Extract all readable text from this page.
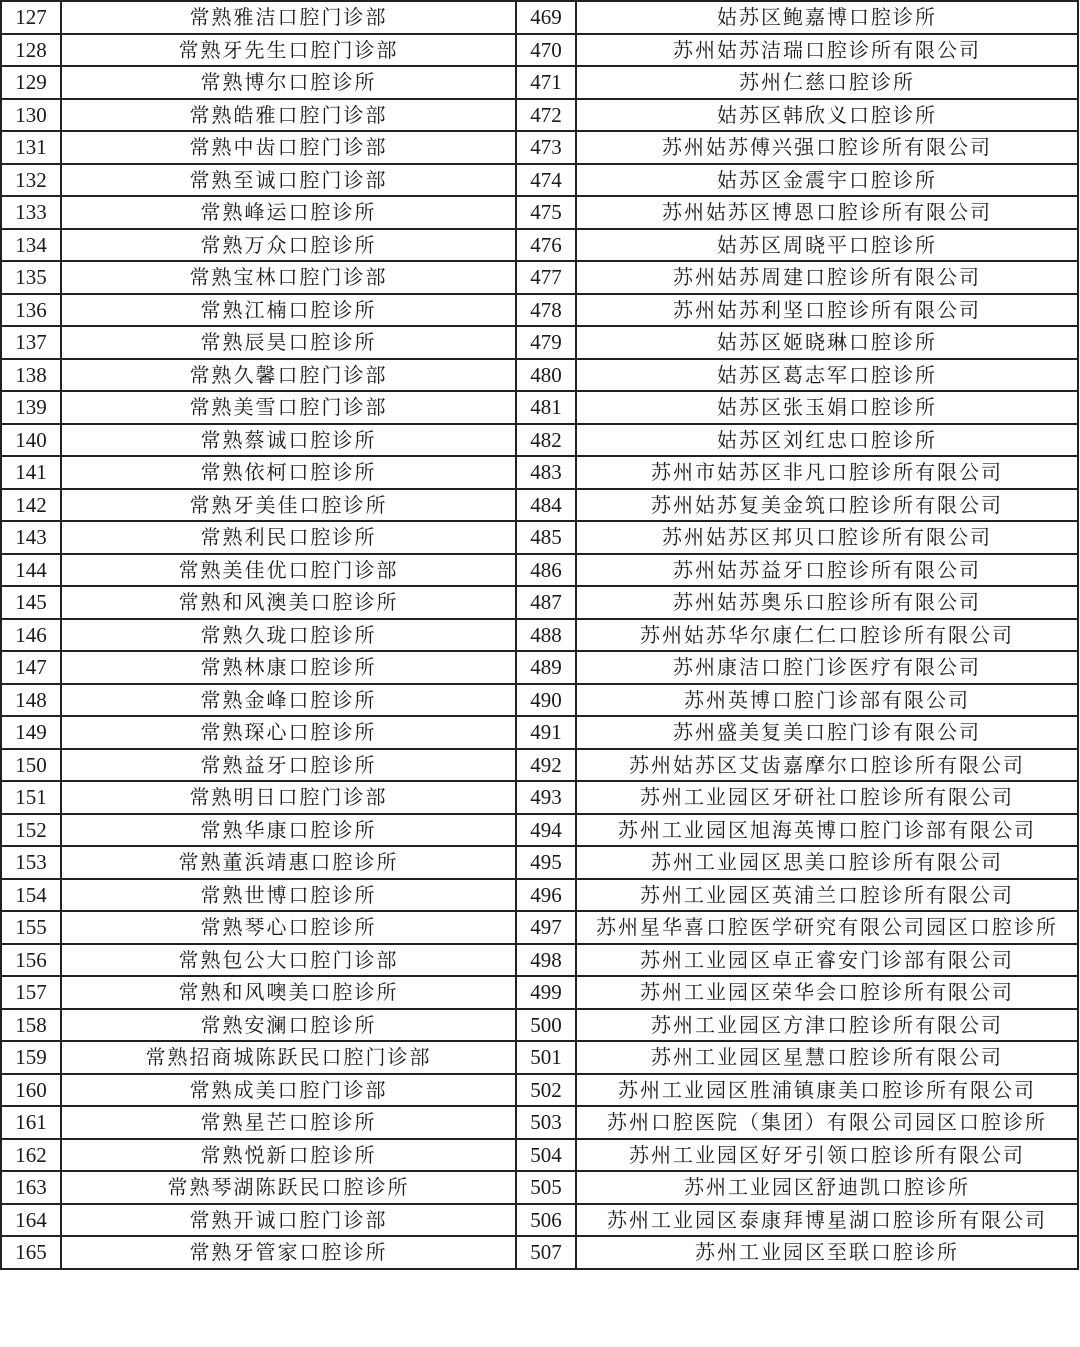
127	常熟雅洁口腔门诊部	469	姑苏区鲍嘉博口腔诊所
128	常熟牙先生口腔门诊部	470	苏州姑苏洁瑞口腔诊所有限公司
129	常熟博尔口腔诊所	471	苏州仁慈口腔诊所
130	常熟皓雅口腔门诊部	472	姑苏区韩欣义口腔诊所
131	常熟中齿口腔门诊部	473	苏州姑苏傅兴强口腔诊所有限公司
132	常熟至诚口腔门诊部	474	姑苏区金震宇口腔诊所
133	常熟峰运口腔诊所	475	苏州姑苏区博恩口腔诊所有限公司
134	常熟万众口腔诊所	476	姑苏区周晓平口腔诊所
135	常熟宝林口腔门诊部	477	苏州姑苏周建口腔诊所有限公司
136	常熟江楠口腔诊所	478	苏州姑苏利坚口腔诊所有限公司
137	常熟辰昊口腔诊所	479	姑苏区姬晓琳口腔诊所
138	常熟久馨口腔门诊部	480	姑苏区葛志军口腔诊所
139	常熟美雪口腔门诊部	481	姑苏区张玉娟口腔诊所
140	常熟蔡诚口腔诊所	482	姑苏区刘红忠口腔诊所
141	常熟依柯口腔诊所	483	苏州市姑苏区非凡口腔诊所有限公司
142	常熟牙美佳口腔诊所	484	苏州姑苏复美金筑口腔诊所有限公司
143	常熟利民口腔诊所	485	苏州姑苏区邦贝口腔诊所有限公司
144	常熟美佳优口腔门诊部	486	苏州姑苏益牙口腔诊所有限公司
145	常熟和风澳美口腔诊所	487	苏州姑苏奥乐口腔诊所有限公司
146	常熟久珑口腔诊所	488	苏州姑苏华尔康仁仁口腔诊所有限公司
147	常熟林康口腔诊所	489	苏州康洁口腔门诊医疗有限公司
148	常熟金峰口腔诊所	490	苏州英博口腔门诊部有限公司
149	常熟琛心口腔诊所	491	苏州盛美复美口腔门诊有限公司
150	常熟益牙口腔诊所	492	苏州姑苏区艾齿嘉摩尔口腔诊所有限公司
151	常熟明日口腔门诊部	493	苏州工业园区牙研社口腔诊所有限公司
152	常熟华康口腔诊所	494	苏州工业园区旭海英博口腔门诊部有限公司
153	常熟董浜靖惠口腔诊所	495	苏州工业园区思美口腔诊所有限公司
154	常熟世博口腔诊所	496	苏州工业园区英浦兰口腔诊所有限公司
155	常熟琴心口腔诊所	497	苏州星华喜口腔医学研究有限公司园区口腔诊所
156	常熟包公大口腔门诊部	498	苏州工业园区卓正睿安门诊部有限公司
157	常熟和风噢美口腔诊所	499	苏州工业园区荣华会口腔诊所有限公司
158	常熟安澜口腔诊所	500	苏州工业园区方津口腔诊所有限公司
159	常熟招商城陈跃民口腔门诊部	501	苏州工业园区星慧口腔诊所有限公司
160	常熟成美口腔门诊部	502	苏州工业园区胜浦镇康美口腔诊所有限公司
161	常熟星芒口腔诊所	503	苏州口腔医院（集团）有限公司园区口腔诊所
162	常熟悦新口腔诊所	504	苏州工业园区好牙引领口腔诊所有限公司
163	常熟琴湖陈跃民口腔诊所	505	苏州工业园区舒迪凯口腔诊所
164	常熟开诚口腔门诊部	506	苏州工业园区泰康拜博星湖口腔诊所有限公司
165	常熟牙管家口腔诊所	507	苏州工业园区至联口腔诊所
